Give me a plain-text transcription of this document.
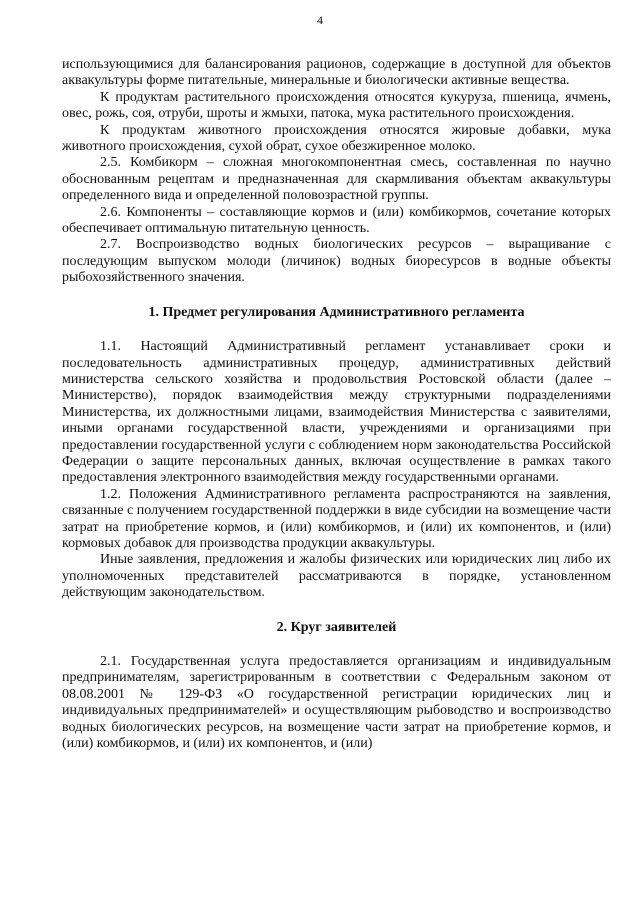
4

использующимися для балансирования рационов, содержащие в доступной для объектов аквакультуры форме питательные, минеральные и биологически активные вещества.

К продуктам растительного происхождения относятся кукуруза, пшеница, ячмень, овес, рожь, соя, отруби, шроты и жмыхи, патока, мука растительного происхождения.

К продуктам животного происхождения относятся жировые добавки, мука животного происхождения, сухой обрат, сухое обезжиренное молоко.

2.5. Комбикорм – сложная многокомпонентная смесь, составленная по научно обоснованным рецептам и предназначенная для скармливания объектам аквакультуры определенного вида и определенной половозрастной группы.

2.6. Компоненты – составляющие кормов и (или) комбикормов, сочетание которых обеспечивает оптимальную питательную ценность.

2.7. Воспроизводство водных биологических ресурсов – выращивание с последующим выпуском молоди (личинок) водных биоресурсов в водные объекты рыбохозяйственного значения.

1. Предмет регулирования Административного регламента

1.1. Настоящий Административный регламент устанавливает сроки и последовательность административных процедур, административных действий министерства сельского хозяйства и продовольствия Ростовской области (далее – Министерство), порядок взаимодействия между структурными подразделениями Министерства, их должностными лицами, взаимодействия Министерства с заявителями, иными органами государственной власти, учреждениями и организациями при предоставлении государственной услуги с соблюдением норм законодательства Российской Федерации о защите персональных данных, включая осуществление в рамках такого предоставления электронного взаимодействия между государственными органами.

1.2. Положения Административного регламента распространяются на заявления, связанные с получением государственной поддержки в виде субсидии на возмещение части затрат на приобретение кормов, и (или) комбикормов, и (или) их компонентов, и (или) кормовых добавок для производства продукции аквакультуры.

Иные заявления, предложения и жалобы физических или юридических лиц либо их уполномоченных представителей рассматриваются в порядке, установленном действующим законодательством.

2. Круг заявителей

2.1. Государственная услуга предоставляется организациям и индивидуальным предпринимателям, зарегистрированным в соответствии с Федеральным законом от 08.08.2001 № 129-ФЗ «О государственной регистрации юридических лиц и индивидуальных предпринимателей» и осуществляющим рыбоводство и воспроизводство водных биологических ресурсов, на возмещение части затрат на приобретение кормов, и (или) комбикормов, и (или) их компонентов, и (или)
